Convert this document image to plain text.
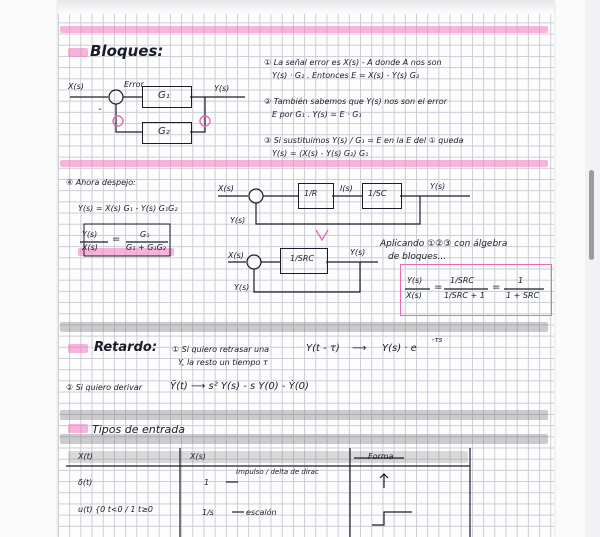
Bloques:
Retardo:
Tipos de entrada
① La señal error es X(s) - A donde A nos son
Y(s) · G₂ . Entonces E = X(s) - Y(s) G₂
② También sabemos que Y(s) nos son el error
E por G₁ . Y(s) = E · G₁
③ Si sustituimos Y(s) / G₁ = E en la E del ① queda
Y(s) = (X(s) - Y(s) G₂) G₁
④ Ahora despejo:
Y(s) = X(s) G₁ - Y(s) G₁G₂
Y(s)
X(s)
= G₁
G₁ + G₁G₂	Aplicando ①②③ con álgebra
de bloques...
Y(s)
X(s)
=
1/SRC
1/SRC + 1
=
1
1 + SRC
① Si quiero retrasar una
Y, la resto un tiempo τ
Y(t - τ) ⟶ Y(s) · e
-τs
② Si quiero derivar	Ÿ(t) ⟶ s² Y(s) - s Y(0) - Ẏ(0)
X(t)	X(s)	Forma
δ(t)	1
Impulso / delta de dirac
u(t) {0 t<0 / 1 t≥0	1/s	escalón
X(s)	Error
G₁
G₂
Y(s)
-
X(s)
1/R
I(s)
1/SC
Y(s)
Y(s)
X(s)	1/SRC
Y(s)
Y(s)
